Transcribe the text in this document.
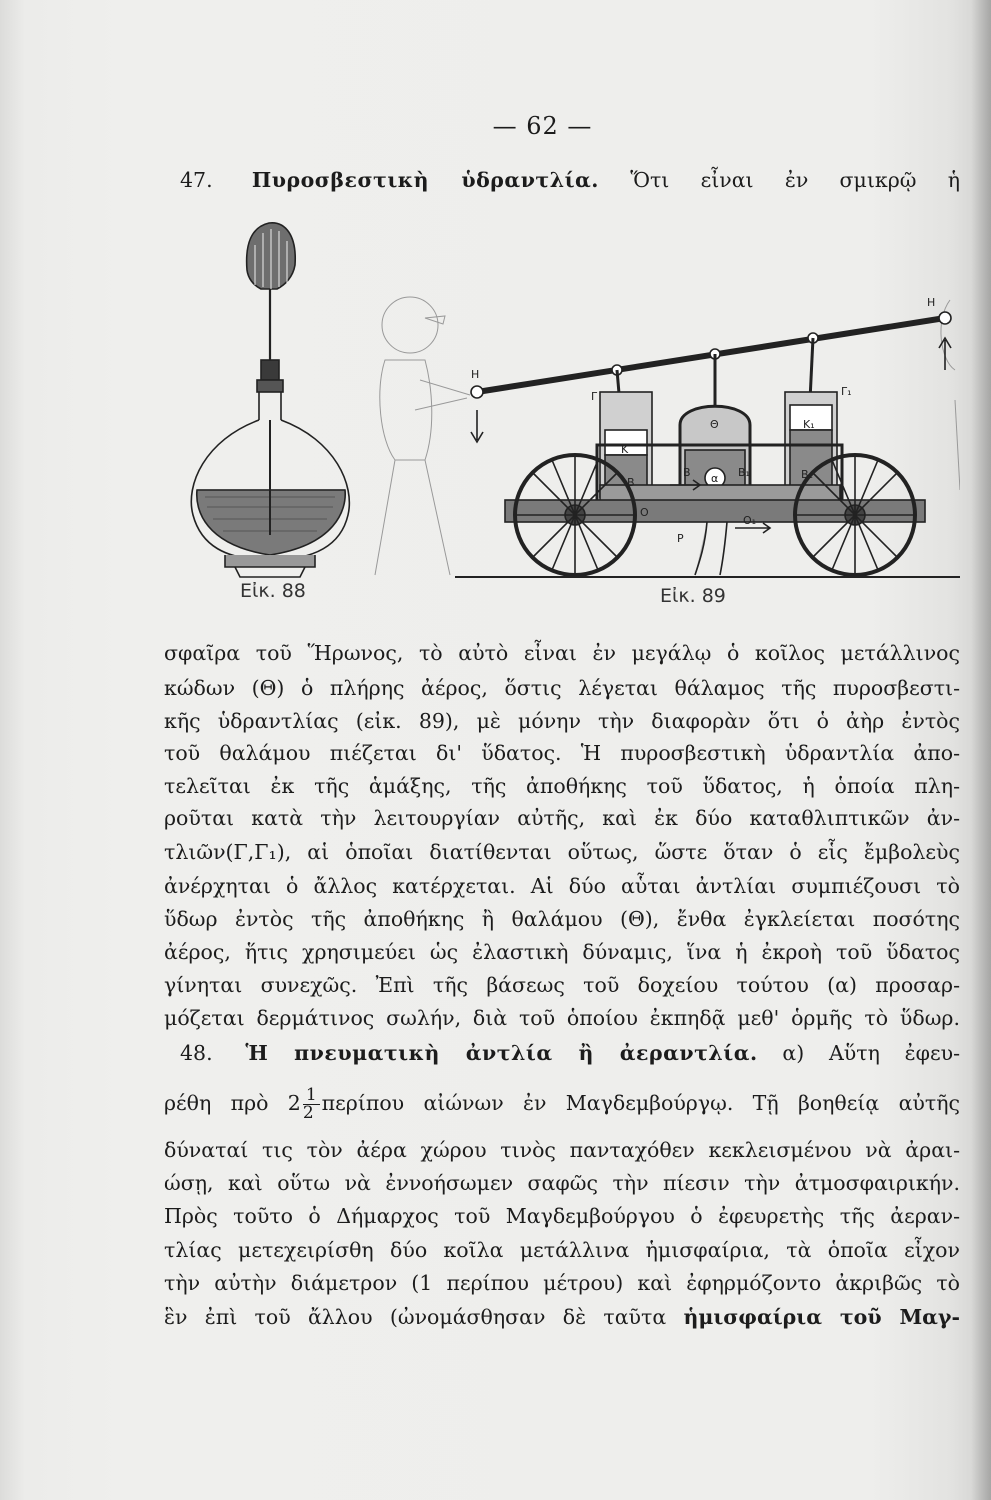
— 62 —
47. Πυροσβεστικὴ ὑδραντλία. Ὅτι εἶναι ἐν σμικρῷ ἡ
Η
Η
Γ	Γ₁
Θ
Κ
Κ₁
Β	Β₁
Β
Β₁
α
Ο
Ο₁
Ρ
Εἰκ. 88	Εἰκ. 89
σφαῖρα τοῦ Ἥρωνος, τὸ αὐτὸ εἶναι ἐν μεγάλῳ ὁ κοῖλος μετάλλινος
κώδων (Θ) ὁ πλήρης ἀέρος, ὅστις λέγεται θάλαμος τῆς πυροσβεστι-
κῆς ὑδραντλίας (εἰκ. 89), μὲ μόνην τὴν διαφορὰν ὅτι ὁ ἀὴρ ἐντὸς
τοῦ θαλάμου πιέζεται δι' ὕδατος. Ἡ πυροσβεστικὴ ὑδραντλία ἀπο-
τελεῖται ἐκ τῆς ἁμάξης, τῆς ἀποθήκης τοῦ ὕδατος, ἡ ὁποία πλη-
ροῦται κατὰ τὴν λειτουργίαν αὐτῆς, καὶ ἐκ δύο καταθλιπτικῶν ἀν-
τλιῶν(Γ,Γ₁), αἱ ὁποῖαι διατίθενται οὕτως, ὥστε ὅταν ὁ εἷς ἔμβολεὺς
ἀνέρχηται ὁ ἄλλος κατέρχεται. Αἱ δύο αὗται ἀντλίαι συμπιέζουσι τὸ
ὕδωρ ἐντὸς τῆς ἀποθήκης ἢ θαλάμου (Θ), ἔνθα ἐγκλείεται ποσότης
ἀέρος, ἥτις χρησιμεύει ὡς ἐλαστικὴ δύναμις, ἵνα ἡ ἐκροὴ τοῦ ὕδατος
γίνηται συνεχῶς. Ἐπὶ τῆς βάσεως τοῦ δοχείου τούτου (α) προσαρ-
μόζεται δερμάτινος σωλήν, διὰ τοῦ ὁποίου ἐκπηδᾷ μεθ' ὁρμῆς τὸ ὕδωρ.
48. Ἡ πνευματικὴ ἀντλία ἢ ἀεραντλία. α) Αὕτη ἐφευ-
ρέθη πρὸ $2 \frac{1}{2}$ περίπου αἰώνων ἐν Μαγδεμβούργῳ. Τῇ βοηθείᾳ αὐτῆς
δύναταί τις τὸν ἀέρα χώρου τινὸς πανταχόθεν κεκλεισμένου νὰ ἀραι-
ώσῃ, καὶ οὕτω νὰ ἐννοήσωμεν σαφῶς τὴν πίεσιν τὴν ἀτμοσφαιρικήν.
Πρὸς τοῦτο ὁ Δήμαρχος τοῦ Μαγδεμβούργου ὁ ἐφευρετὴς τῆς ἀεραν-
τλίας μετεχειρίσθη δύο κοῖλα μετάλλινα ἡμισφαίρια, τὰ ὁποῖα εἶχον
τὴν αὐτὴν διάμετρον (1 περίπου μέτρου) καὶ ἐφηρμόζοντο ἀκριβῶς τὸ
ἓν ἐπὶ τοῦ ἄλλου (ὠνομάσθησαν δὲ ταῦτα ἡμισφαίρια τοῦ Μαγ-
